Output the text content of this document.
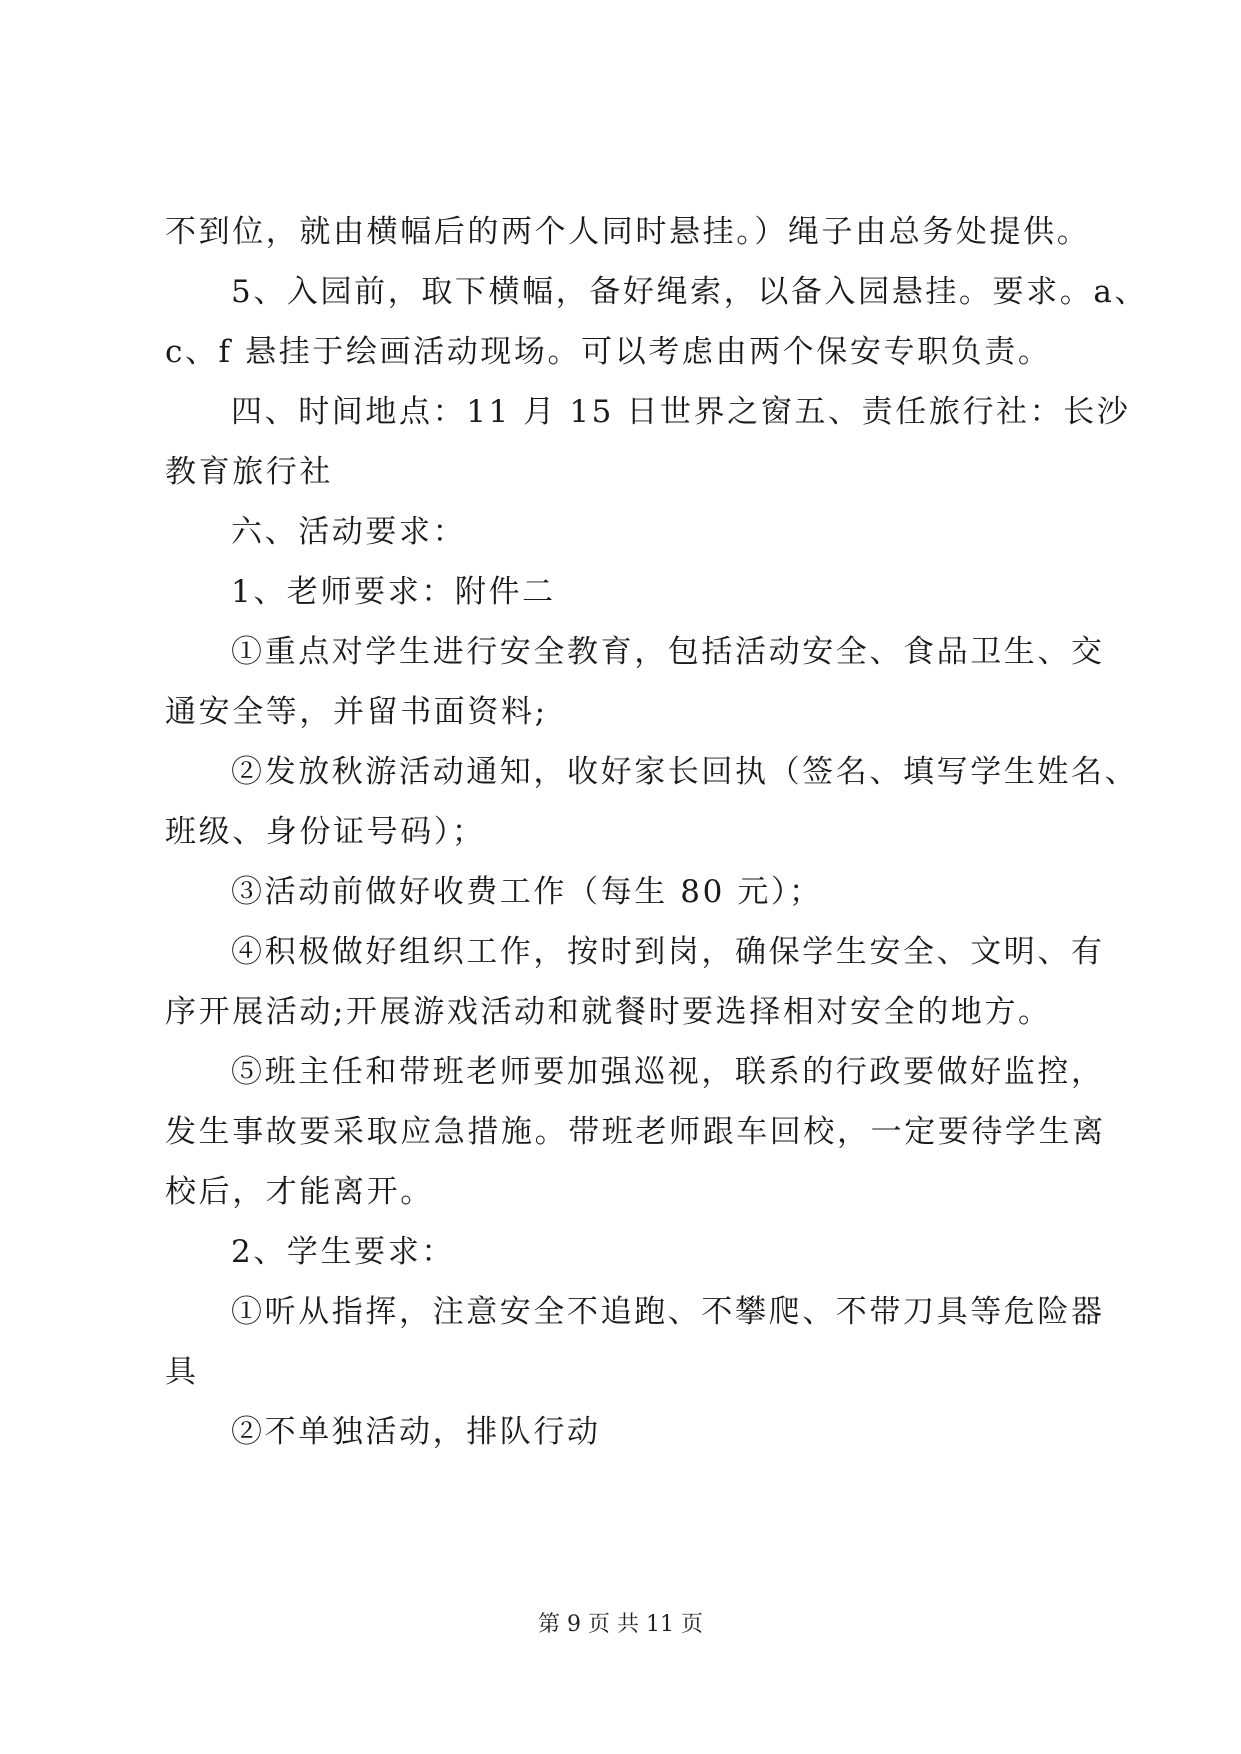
不到位，就由横幅后的两个人同时悬挂。）绳子由总务处提供。
5、入园前，取下横幅，备好绳索，以备入园悬挂。要求。a、
c、f 悬挂于绘画活动现场。可以考虑由两个保安专职负责。
四、时间地点：11 月 15 日世界之窗五、责任旅行社：长沙
教育旅行社
六、活动要求：
1、老师要求：附件二
①重点对学生进行安全教育，包括活动安全、食品卫生、交
通安全等，并留书面资料;
②发放秋游活动通知，收好家长回执（签名、填写学生姓名、
班级、身份证号码）；
③活动前做好收费工作（每生 80 元）；
④积极做好组织工作，按时到岗，确保学生安全、文明、有
序开展活动;开展游戏活动和就餐时要选择相对安全的地方。
⑤班主任和带班老师要加强巡视，联系的行政要做好监控，
发生事故要采取应急措施。带班老师跟车回校，一定要待学生离
校后，才能离开。
2、学生要求：
①听从指挥，注意安全不追跑、不攀爬、不带刀具等危险器
具
②不单独活动，排队行动
第 9 页 共 11 页
